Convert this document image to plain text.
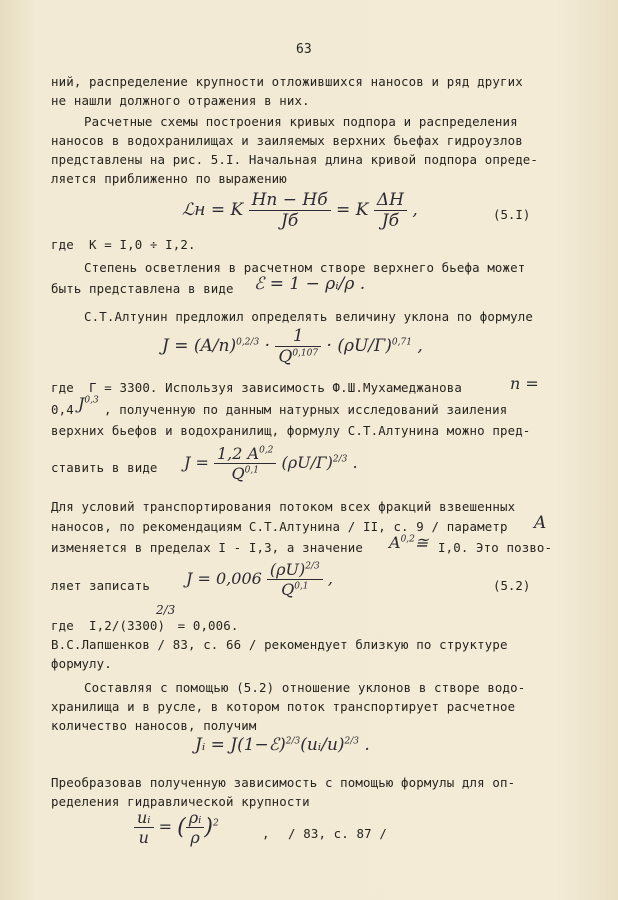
63
ний, распределение крупности отложившихся наносов и ряд других
не нашли должного отражения в них.
Расчетные схемы построения кривых подпора и распределения
наносов в водохранилищах и заиляемых верхних бьефах гидроузлов
представлены на рис. 5.I. Начальная длина кривой подпора опреде-
ляется приближенно по выражению
ℒн = K $\frac{Hп - Hб}{Jб} = K \frac{\Delta H}{Jб}$ ,	(5.I)
где  K = I,0 ÷ I,2.
Степень осветления в расчетном створе верхнего бьефа может
быть представлена в виде ℰ = 1 − ρᵢ/ρ .
С.Т.Алтунин предложил определять величину уклона по формуле
$J = (A/n)^{0,2/3} \cdot \frac{1}{Q^{0,107}} \cdot (\rho U/Г)^{0,71}$ ,
где  Г = 3300. Используя зависимость Ф.Ш.Мухамеджанова	n =
0,4 J$^{0,3}$
, полученную по данным натурных исследований заиления
верхних бьефов и водохранилищ, формулу С.Т.Алтунина можно пред-
ставить в виде $J = \frac{1,2 A^{0,2}}{Q^{0,1}} (\rho U/Г)^{2/3}$ .
Для условий транспортирования потоком всех фракций взвешенных
наносов, по рекомендациям С.Т.Алтунина / II, с. 9 / параметр A
изменяется в пределах I - I,3, а значение A$^{0,2}$≅ I,0. Это позво-
ляет записать $J = 0,006 \frac{(\rho U)^{2/3}}{Q^{0,1}}$ ,	(5.2)
2/3
где  I,2/(3300) = 0,006.
В.С.Лапшенков / 83, с. 66 / рекомендует близкую по структуре
формулу.
Составляя с помощью (5.2) отношение уклонов в створе водо-
хранилища и в русле, в котором поток транспортирует расчетное
количество наносов, получим
Jᵢ = J(1−ℰ)$^{2/3}$(uᵢ/u)$^{2/3}$ .
Преобразовав полученную зависимость с помощью формулы для оп-
ределения гидравлической крупности
$\frac{\text{uᵢ}}{u}$ = ( $\frac{\text{ρᵢ}}{\rho} )^2$
, / 83, с. 87 /
